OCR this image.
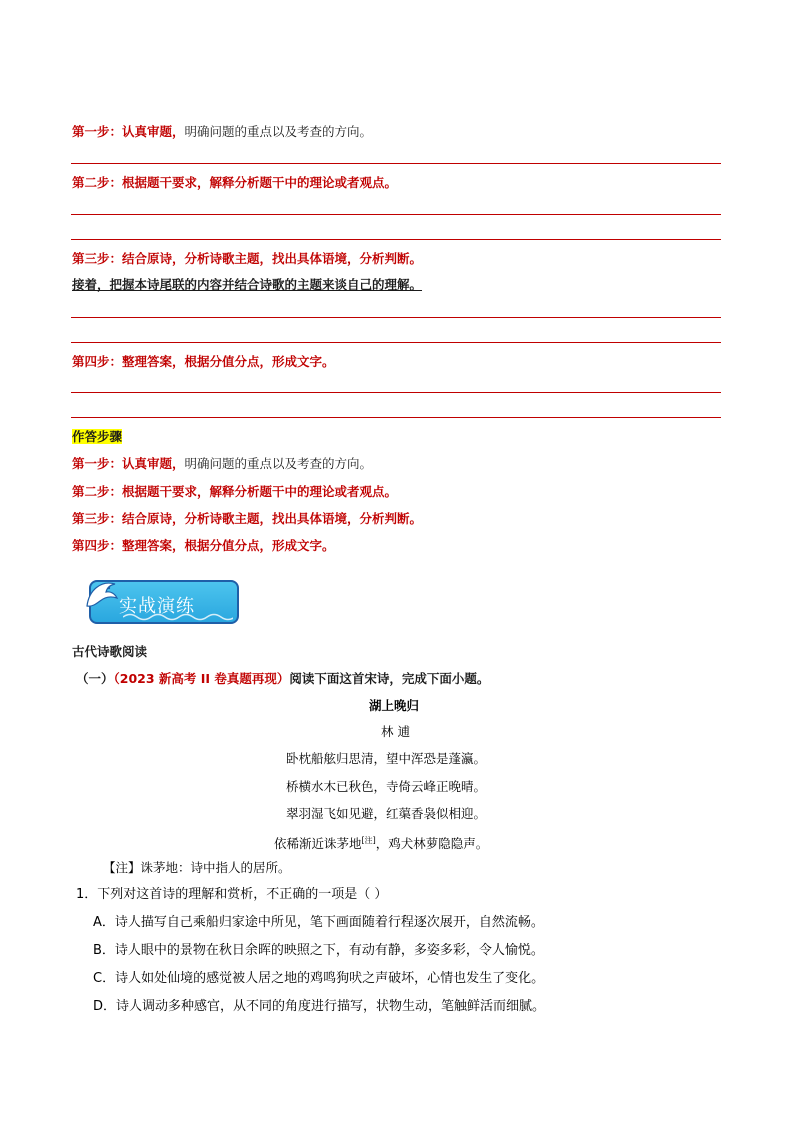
第一步：认真审题，明确问题的重点以及考查的方向。
第二步：根据题干要求，解释分析题干中的理论或者观点。
第三步：结合原诗，分析诗歌主题，找出具体语境，分析判断。
接着，把握本诗尾联的内容并结合诗歌的主题来谈自己的理解。
第四步：整理答案，根据分值分点，形成文字。
作答步骤
第一步：认真审题，明确问题的重点以及考查的方向。
第二步：根据题干要求，解释分析题干中的理论或者观点。
第三步：结合原诗，分析诗歌主题，找出具体语境，分析判断。
第四步：整理答案，根据分值分点，形成文字。
实战演练
古代诗歌阅读
（一）（2023 新高考 II 卷真题再现）阅读下面这首宋诗，完成下面小题。
湖上晚归
林 逋
卧枕船舷归思清，望中浑恐是蓬瀛。
桥横水木已秋色，寺倚云峰正晚晴。
翠羽湿飞如见避，红蕖香袅似相迎。
依稀渐近诛茅地[注]，鸡犬林萝隐隐声。
【注】诛茅地：诗中指人的居所。
1．下列对这首诗的理解和赏析，不正确的一项是（ ）
A．诗人描写自己乘船归家途中所见，笔下画面随着行程逐次展开，自然流畅。
B．诗人眼中的景物在秋日余晖的映照之下，有动有静，多姿多彩，令人愉悦。
C．诗人如处仙境的感觉被人居之地的鸡鸣狗吠之声破坏，心情也发生了变化。
D．诗人调动多种感官，从不同的角度进行描写，状物生动，笔触鲜活而细腻。
